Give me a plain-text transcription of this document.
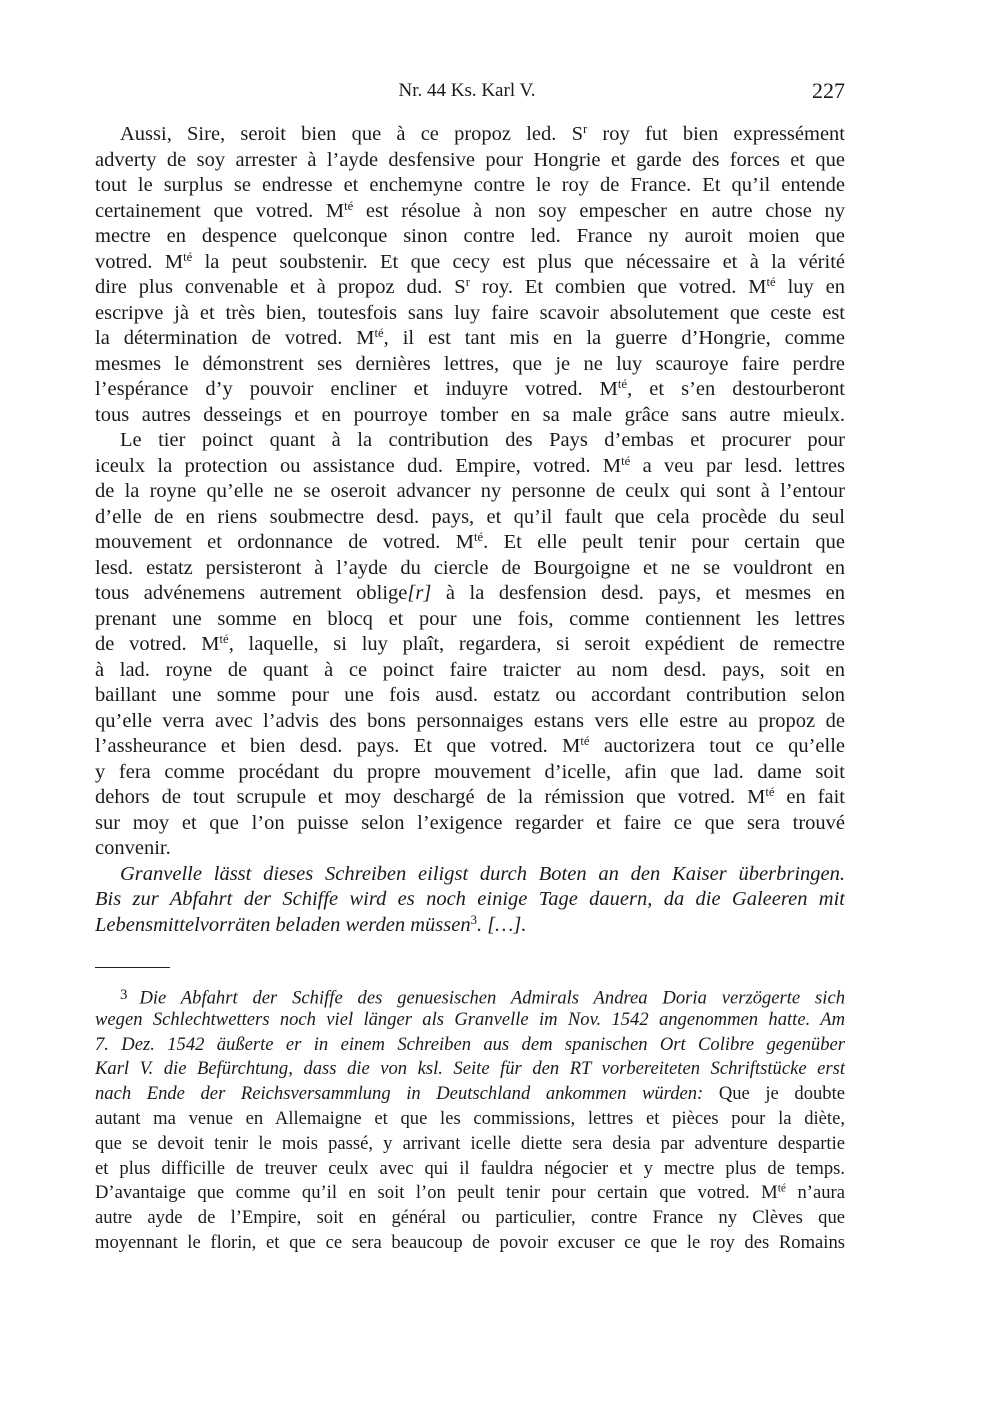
Nr. 44 Ks. Karl V.	227
Aussi, Sire, seroit bien que à ce propoz led. $S^r$ roy fut bien expressément
adverty de soy arrester à l’ayde desfensive pour Hongrie et garde des forces et que
tout le surplus se endresse et enchemyne contre le roy de France. Et qu’il entende
certainement que votred. $M^{té}$ est résolue à non soy empescher en autre chose ny
mectre en despence quelconque sinon contre led. France ny auroit moien que
votred. $M^{té}$ la peut soubstenir. Et que cecy est plus que nécessaire et à la vérité
dire plus convenable et à propoz dud. $S^r$ roy. Et combien que votred. $M^{té}$ luy en
escripve jà et très bien, toutesfois sans luy faire scavoir absolutement que ceste est
la détermination de votred. $M^{té}$, il est tant mis en la guerre d’Hongrie, comme
mesmes le démonstrent ses dernières lettres, que je ne luy scauroye faire perdre
l’espérance d’y pouvoir encliner et induyre votred. $M^{té}$, et s’en destourberont
tous autres desseings et en pourroye tomber en sa male grâce sans autre mieulx.
Le tier poinct quant à la contribution des Pays d’embas et procurer pour
iceulx la protection ou assistance dud. Empire, votred. $M^{té}$ a veu par lesd. lettres
de la royne qu’elle ne se oseroit advancer ny personne de ceulx qui sont à l’entour
d’elle de en riens soubmectre desd. pays, et qu’il fault que cela procède du seul
mouvement et ordonnance de votred. $M^{té}$. Et elle peult tenir pour certain que
lesd. estatz persisteront à l’ayde du ciercle de Bourgoigne et ne se vouldront en
tous advénemens autrement oblige[r] à la desfension desd. pays, et mesmes en
prenant une somme en blocq et pour une fois, comme contiennent les lettres
de votred. $M^{té}$, laquelle, si luy plaît, regardera, si seroit expédient de remectre
à lad. royne de quant à ce poinct faire traicter au nom desd. pays, soit en
baillant une somme pour une fois ausd. estatz ou accordant contribution selon
qu’elle verra avec l’advis des bons personnaiges estans vers elle estre au propoz de
l’assheurance et bien desd. pays. Et que votred. $M^{té}$ auctorizera tout ce qu’elle
y fera comme procédant du propre mouvement d’icelle, afin que lad. dame soit
dehors de tout scrupule et moy deschargé de la rémission que votred. $M^{té}$ en fait
sur moy et que l’on puisse selon l’exigence regarder et faire ce que sera trouvé
convenir.
Granvelle lässt dieses Schreiben eiligst durch Boten an den Kaiser überbringen.
Bis zur Abfahrt der Schiffe wird es noch einige Tage dauern, da die Galeeren mit
Lebensmittelvorräten beladen werden müssen$^3$. […].
3 Die Abfahrt der Schiffe des genuesischen Admirals Andrea Doria verzögerte sich
wegen Schlechtwetters noch viel länger als Granvelle im Nov. 1542 angenommen hatte. Am
7. Dez. 1542 äußerte er in einem Schreiben aus dem spanischen Ort Colibre gegenüber
Karl V. die Befürchtung, dass die von ksl. Seite für den RT vorbereiteten Schriftstücke erst
nach Ende der Reichsversammlung in Deutschland ankommen würden: Que je doubte
autant ma venue en Allemaigne et que les commissions, lettres et pièces pour la diète,
que se devoit tenir le mois passé, y arrivant icelle diette sera desia par adventure despartie
et plus difficille de treuver ceulx avec qui il fauldra négocier et y mectre plus de temps.
D’avantaige que comme qu’il en soit l’on peult tenir pour certain que votred. $M^{té}$ n’aura
autre ayde de l’Empire, soit en général ou particulier, contre France ny Clèves que
moyennant le florin, et que ce sera beaucoup de povoir excuser ce que le roy des Romains
